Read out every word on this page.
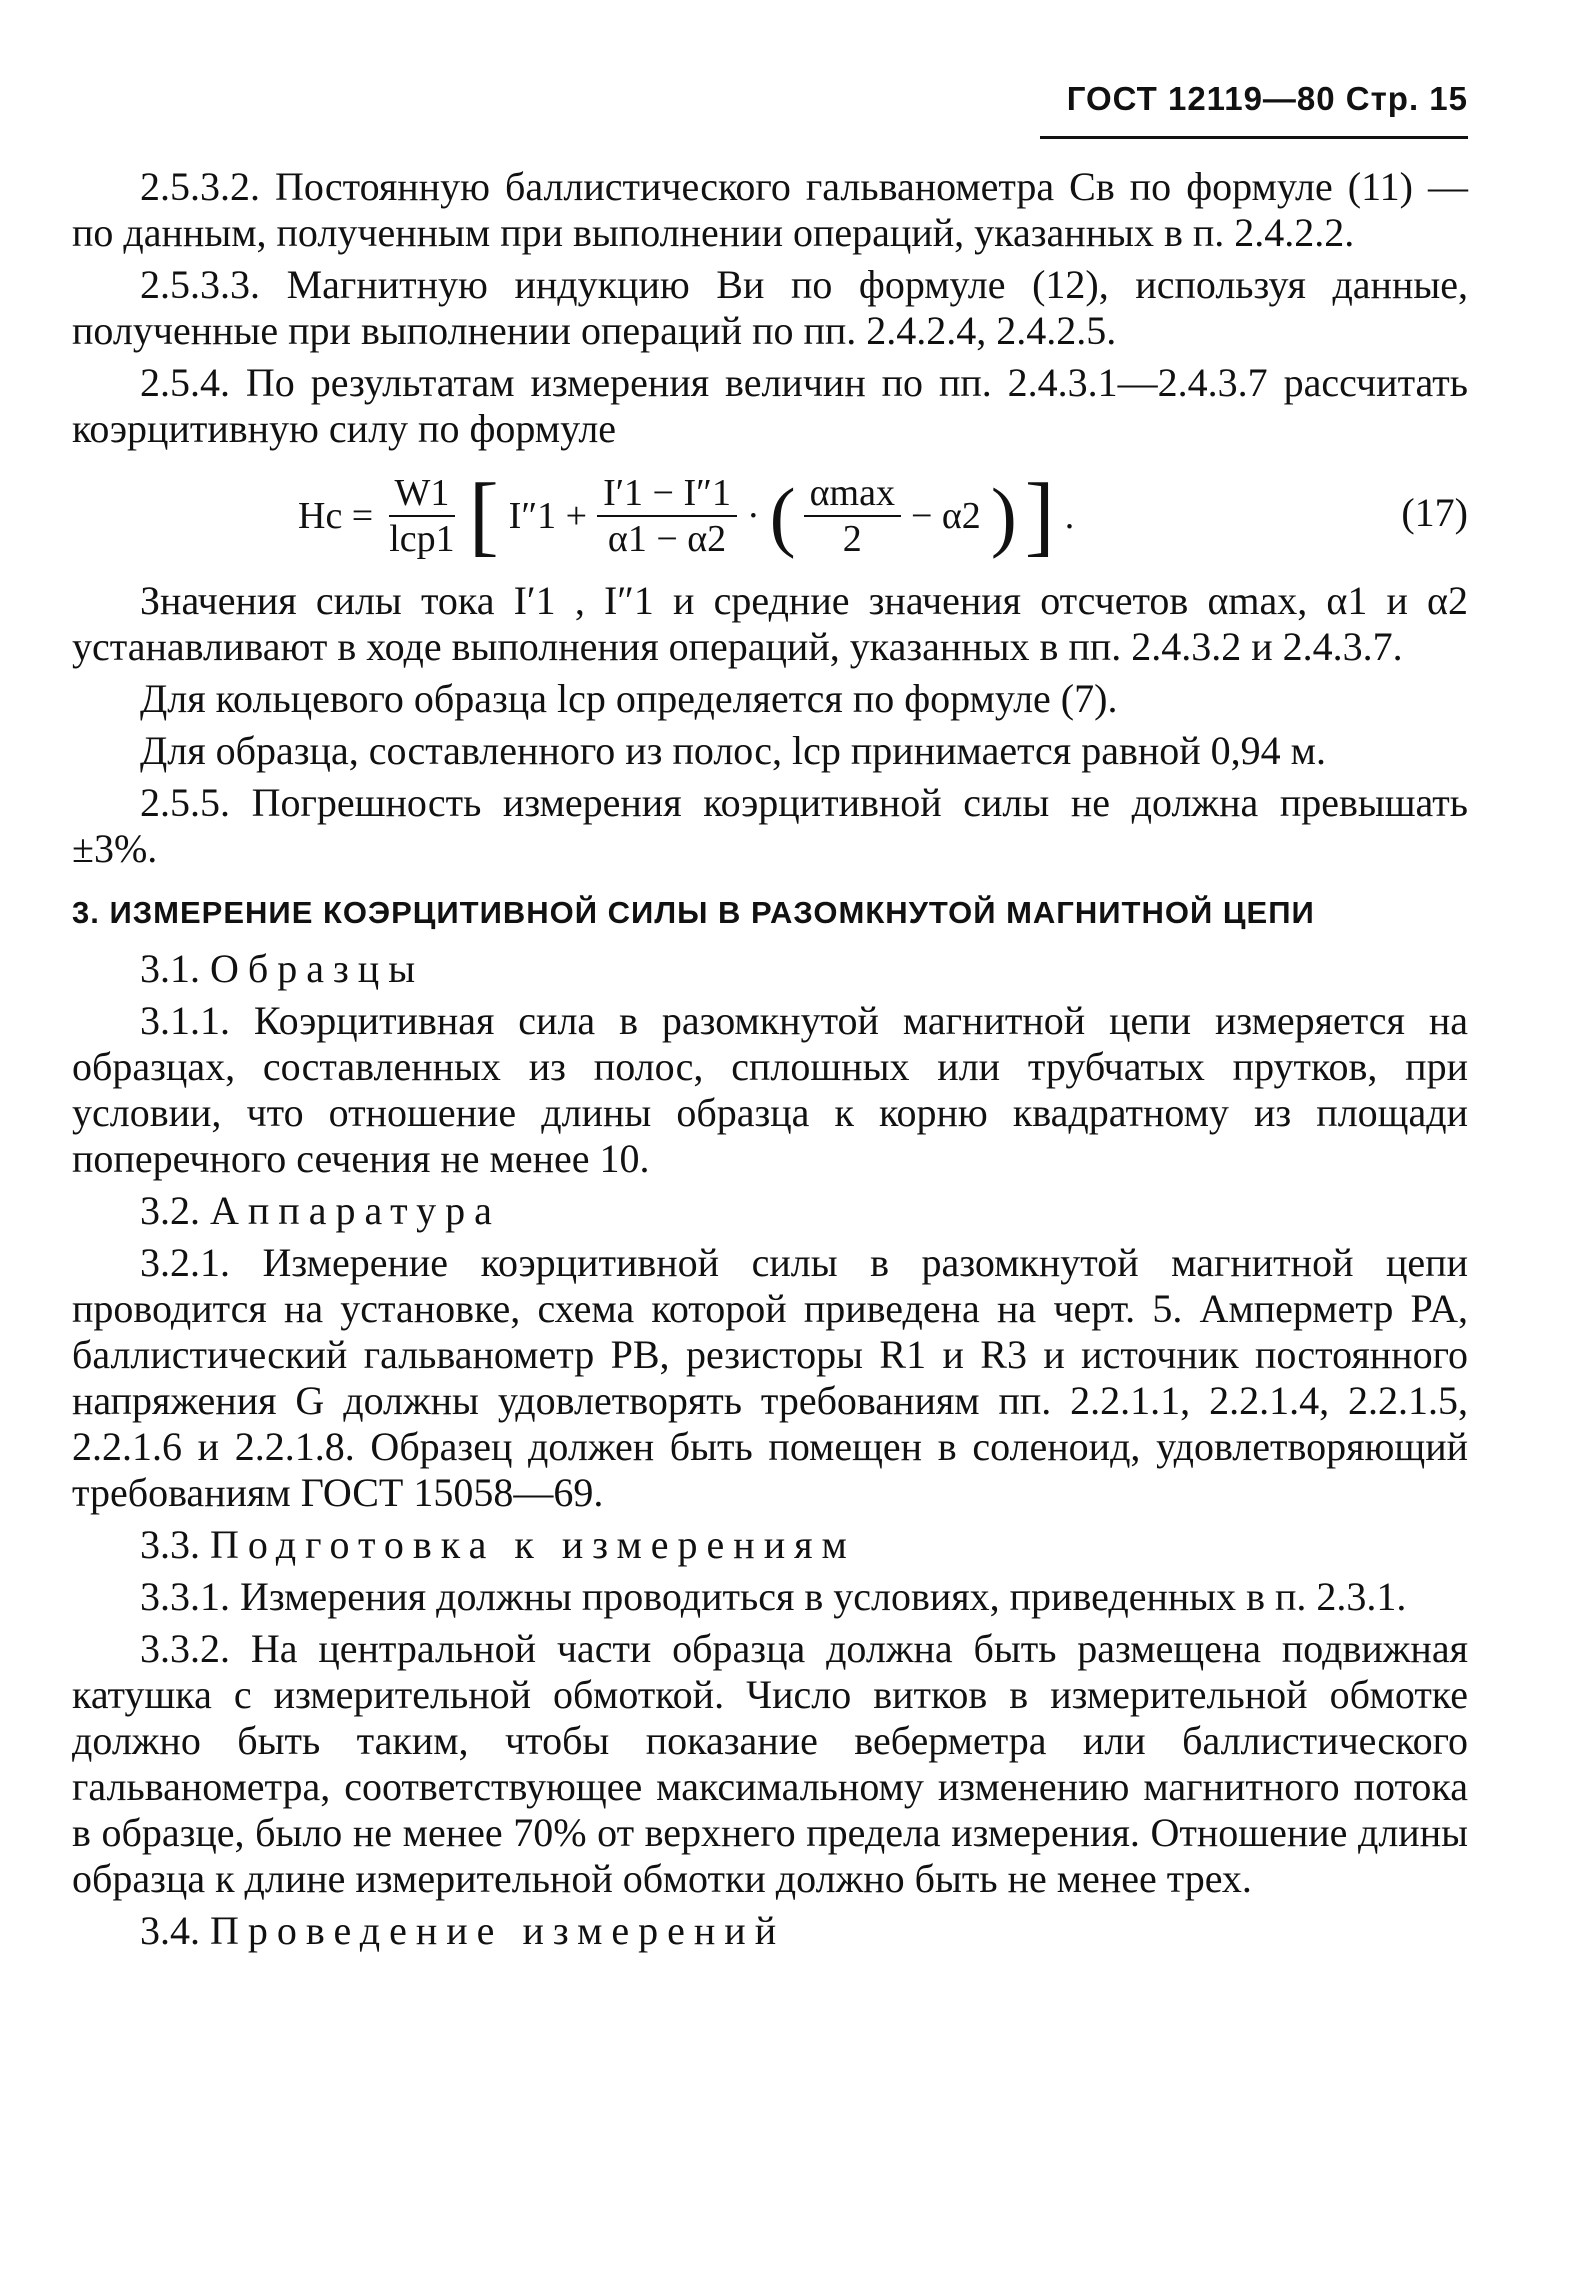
ГОСТ 12119—80 Стр. 15

2.5.3.2. Постоянную баллистического гальванометра Cв по формуле (11) — по данным, полученным при выполнении операций, указанных в п. 2.4.2.2.

2.5.3.3. Магнитную индукцию Bи по формуле (12), используя данные, полученные при выполнении операций по пп. 2.4.2.4, 2.4.2.5.

2.5.4. По результатам измерения величин по пп. 2.4.3.1—2.4.3.7 рассчитать коэрцитивную силу по формуле

$Hc = \frac{W1}{\text{lcp1}}$ [ $I''1 + \frac{I'1 - I''1}{\alpha 1 - \alpha 2}$ · ( $\frac{\alpha\max}{2} - \alpha 2$ ) ] .	(17)

Значения силы тока I′1 , I″1 и средние значения отсчетов αmax, α1 и α2 устанавливают в ходе выполнения операций, указанных в пп. 2.4.3.2 и 2.4.3.7.

Для кольцевого образца lср определяется по формуле (7).

Для образца, составленного из полос, lср принимается равной 0,94 м.

2.5.5. Погрешность измерения коэрцитивной силы не должна превышать ±3%.

3. ИЗМЕРЕНИЕ КОЭРЦИТИВНОЙ СИЛЫ В РАЗОМКНУТОЙ МАГНИТНОЙ ЦЕПИ

3.1. Образцы

3.1.1. Коэрцитивная сила в разомкнутой магнитной цепи измеряется на образцах, составленных из полос, сплошных или трубчатых прутков, при условии, что отношение длины образца к корню квадратному из площади поперечного сечения не менее 10.

3.2. Аппаратура

3.2.1. Измерение коэрцитивной силы в разомкнутой магнитной цепи проводится на установке, схема которой приведена на черт. 5. Амперметр PA, баллистический гальванометр PB, резисторы R1 и R3 и источник постоянного напряжения G должны удовлетворять требованиям пп. 2.2.1.1, 2.2.1.4, 2.2.1.5, 2.2.1.6 и 2.2.1.8. Образец должен быть помещен в соленоид, удовлетворяющий требованиям ГОСТ 15058—69.

3.3. Подготовка к измерениям

3.3.1. Измерения должны проводиться в условиях, приведенных в п. 2.3.1.

3.3.2. На центральной части образца должна быть размещена подвижная катушка с измерительной обмоткой. Число витков в измерительной обмотке должно быть таким, чтобы показание веберметра или баллистического гальванометра, соответствующее максимальному изменению магнитного потока в образце, было не менее 70% от верхнего предела измерения. Отношение длины образца к длине измерительной обмотки должно быть не менее трех.

3.4. Проведение измерений
